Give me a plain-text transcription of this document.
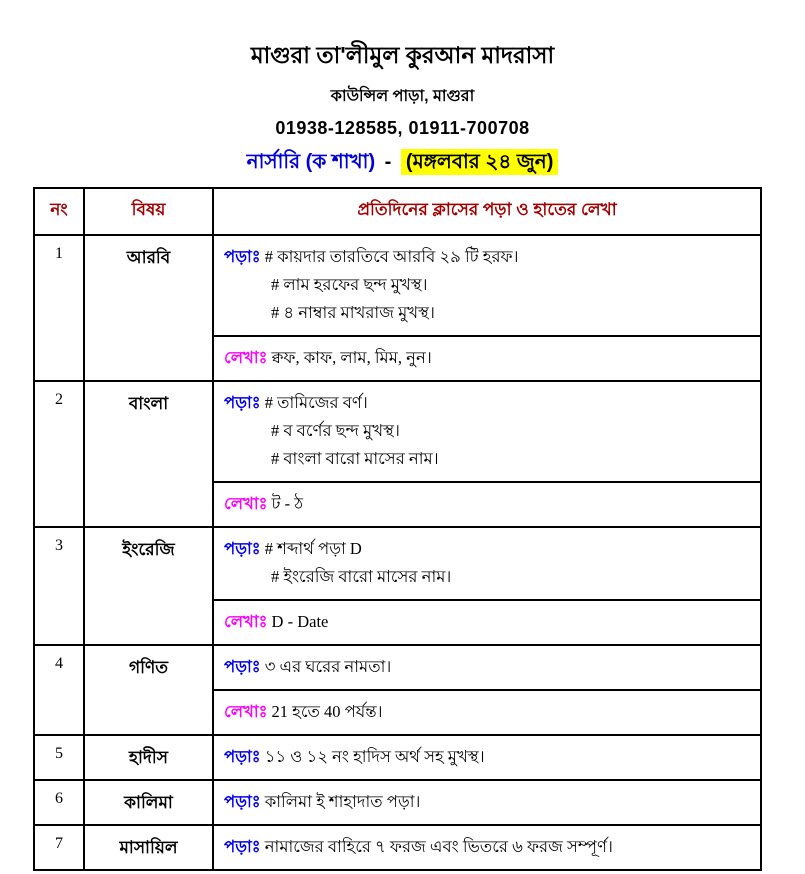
মাগুরা তা'লীমুল কুরআন মাদরাসা
কাউন্সিল পাড়া, মাগুরা
01938-128585, 01911-700708
নার্সারি (ক শাখা) - (মঙ্গলবার ২৪ জুন)
নং	বিষয়	প্রতিদিনের ক্লাসের পড়া ও হাতের লেখা
1	আরবি	পড়াঃ # কায়দার তারতিবে আরবি ২৯ টি হরফ।
# লাম হরফের ছন্দ মুখস্থ।
# ৪ নাম্বার মাখরাজ মুখস্থ।
লেখাঃ ক্বফ, কাফ, লাম, মিম, নুন।
2	বাংলা	পড়াঃ # তামিজের বর্ণ।
# ব বর্ণের ছন্দ মুখস্থ।
# বাংলা বারো মাসের নাম।
লেখাঃ ট - ঠ
3	ইংরেজি	পড়াঃ # শব্দার্থ পড়া D
# ইংরেজি বারো মাসের নাম।
লেখাঃ D - Date
4	গণিত	পড়াঃ ৩ এর ঘরের নামতা।
লেখাঃ 21 হতে 40 পর্যন্ত।
5	হাদীস	পড়াঃ ১১ ও ১২ নং হাদিস অর্থ সহ মুখস্থ।
6	কালিমা	পড়াঃ কালিমা ই শাহাদাত পড়া।
7	মাসায়িল	পড়াঃ নামাজের বাহিরে ৭ ফরজ এবং ভিতরে ৬ ফরজ সম্পূর্ণ।
